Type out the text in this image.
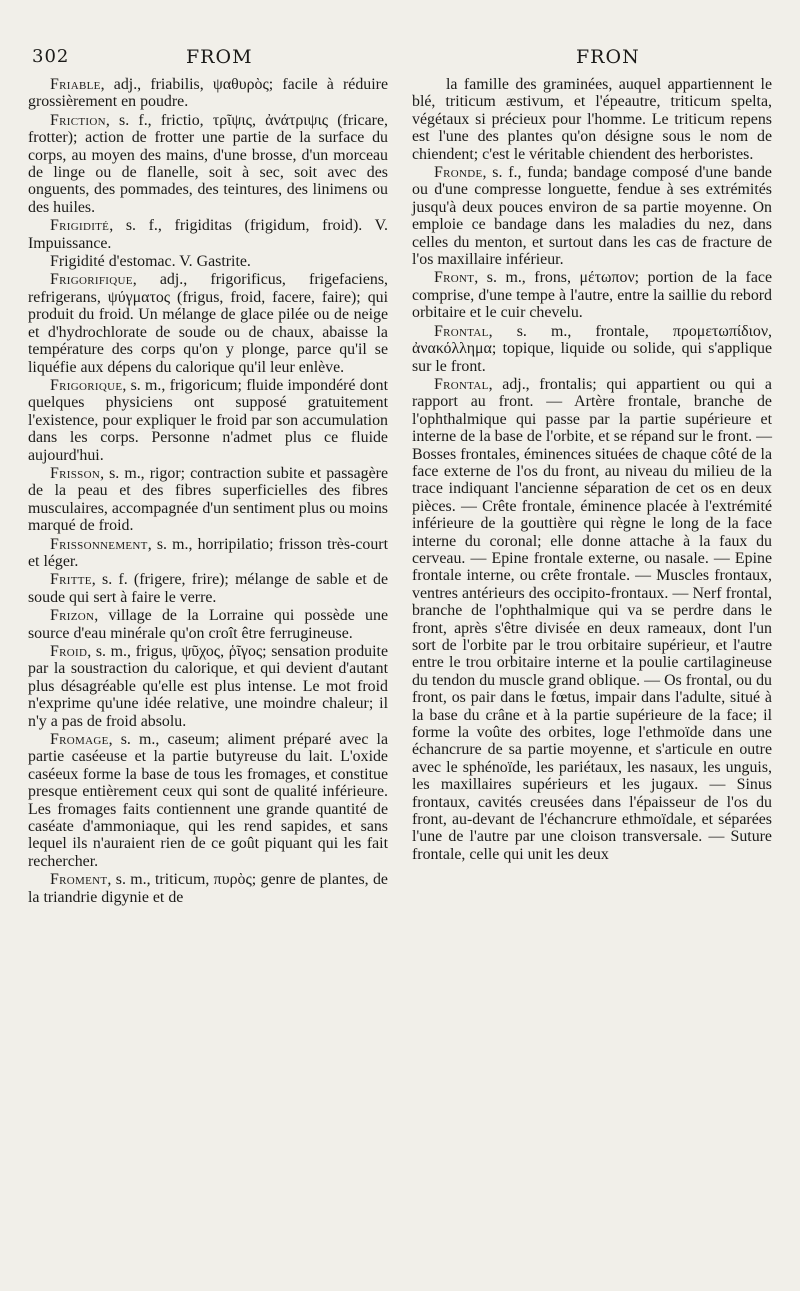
302	FROM	FRON

Friable, adj., friabilis, ψαθυρὸς; facile à réduire grossièrement en poudre.

Friction, s. f., frictio, τρῖψις, ἀνάτριψις (fricare, frotter); action de frotter une partie de la surface du corps, au moyen des mains, d'une brosse, d'un morceau de linge ou de flanelle, soit à sec, soit avec des onguents, des pommades, des teintures, des linimens ou des huiles.

Frigidité, s. f., frigiditas (frigidum, froid). V. Impuissance.

Frigidité d'estomac. V. Gastrite.

Frigorifique, adj., frigorificus, frigefaciens, refrigerans, ψύγματος (frigus, froid, facere, faire); qui produit du froid. Un mélange de glace pilée ou de neige et d'hydrochlorate de soude ou de chaux, abaisse la température des corps qu'on y plonge, parce qu'il se liquéfie aux dépens du calorique qu'il leur enlève.

Frigorique, s. m., frigoricum; fluide impondéré dont quelques physiciens ont supposé gratuitement l'existence, pour expliquer le froid par son accumulation dans les corps. Personne n'admet plus ce fluide aujourd'hui.

Frisson, s. m., rigor; contraction subite et passagère de la peau et des fibres superficielles des fibres musculaires, accompagnée d'un sentiment plus ou moins marqué de froid.

Frissonnement, s. m., horripilatio; frisson très-court et léger.

Fritte, s. f. (frigere, frire); mélange de sable et de soude qui sert à faire le verre.

Frizon, village de la Lorraine qui possède une source d'eau minérale qu'on croît être ferrugineuse.

Froid, s. m., frigus, ψῦχος, ῥῖγος; sensation produite par la soustraction du calorique, et qui devient d'autant plus désagréable qu'elle est plus intense. Le mot froid n'exprime qu'une idée relative, une moindre chaleur; il n'y a pas de froid absolu.

Fromage, s. m., caseum; aliment préparé avec la partie caséeuse et la partie butyreuse du lait. L'oxide caséeux forme la base de tous les fromages, et constitue presque entièrement ceux qui sont de qualité inférieure. Les fromages faits contiennent une grande quantité de caséate d'ammoniaque, qui les rend sapides, et sans lequel ils n'auraient rien de ce goût piquant qui les fait rechercher.

Froment, s. m., triticum, πυρὸς; genre de plantes, de la triandrie digynie et de

la famille des graminées, auquel appartiennent le blé, triticum æstivum, et l'épeautre, triticum spelta, végétaux si précieux pour l'homme. Le triticum repens est l'une des plantes qu'on désigne sous le nom de chiendent; c'est le véritable chiendent des herboristes.

Fronde, s. f., funda; bandage composé d'une bande ou d'une compresse longuette, fendue à ses extrémités jusqu'à deux pouces environ de sa partie moyenne. On emploie ce bandage dans les maladies du nez, dans celles du menton, et surtout dans les cas de fracture de l'os maxillaire inférieur.

Front, s. m., frons, μέτωπον; portion de la face comprise, d'une tempe à l'autre, entre la saillie du rebord orbitaire et le cuir chevelu.

Frontal, s. m., frontale, προμετωπίδιον, ἀνακόλλημα; topique, liquide ou solide, qui s'applique sur le front.

Frontal, adj., frontalis; qui appartient ou qui a rapport au front. — Artère frontale, branche de l'ophthalmique qui passe par la partie supérieure et interne de la base de l'orbite, et se répand sur le front. — Bosses frontales, éminences situées de chaque côté de la face externe de l'os du front, au niveau du milieu de la trace indiquant l'ancienne séparation de cet os en deux pièces. — Crête frontale, éminence placée à l'extrémité inférieure de la gouttière qui règne le long de la face interne du coronal; elle donne attache à la faux du cerveau. — Epine frontale externe, ou nasale. — Epine frontale interne, ou crête frontale. — Muscles frontaux, ventres antérieurs des occipito-frontaux. — Nerf frontal, branche de l'ophthalmique qui va se perdre dans le front, après s'être divisée en deux rameaux, dont l'un sort de l'orbite par le trou orbitaire supérieur, et l'autre entre le trou orbitaire interne et la poulie cartilagineuse du tendon du muscle grand oblique. — Os frontal, ou du front, os pair dans le fœtus, impair dans l'adulte, situé à la base du crâne et à la partie supérieure de la face; il forme la voûte des orbites, loge l'ethmoïde dans une échancrure de sa partie moyenne, et s'articule en outre avec le sphénoïde, les pariétaux, les nasaux, les unguis, les maxillaires supérieurs et les jugaux. — Sinus frontaux, cavités creusées dans l'épaisseur de l'os du front, au-devant de l'échancrure ethmoïdale, et séparées l'une de l'autre par une cloison transversale. — Suture frontale, celle qui unit les deux
